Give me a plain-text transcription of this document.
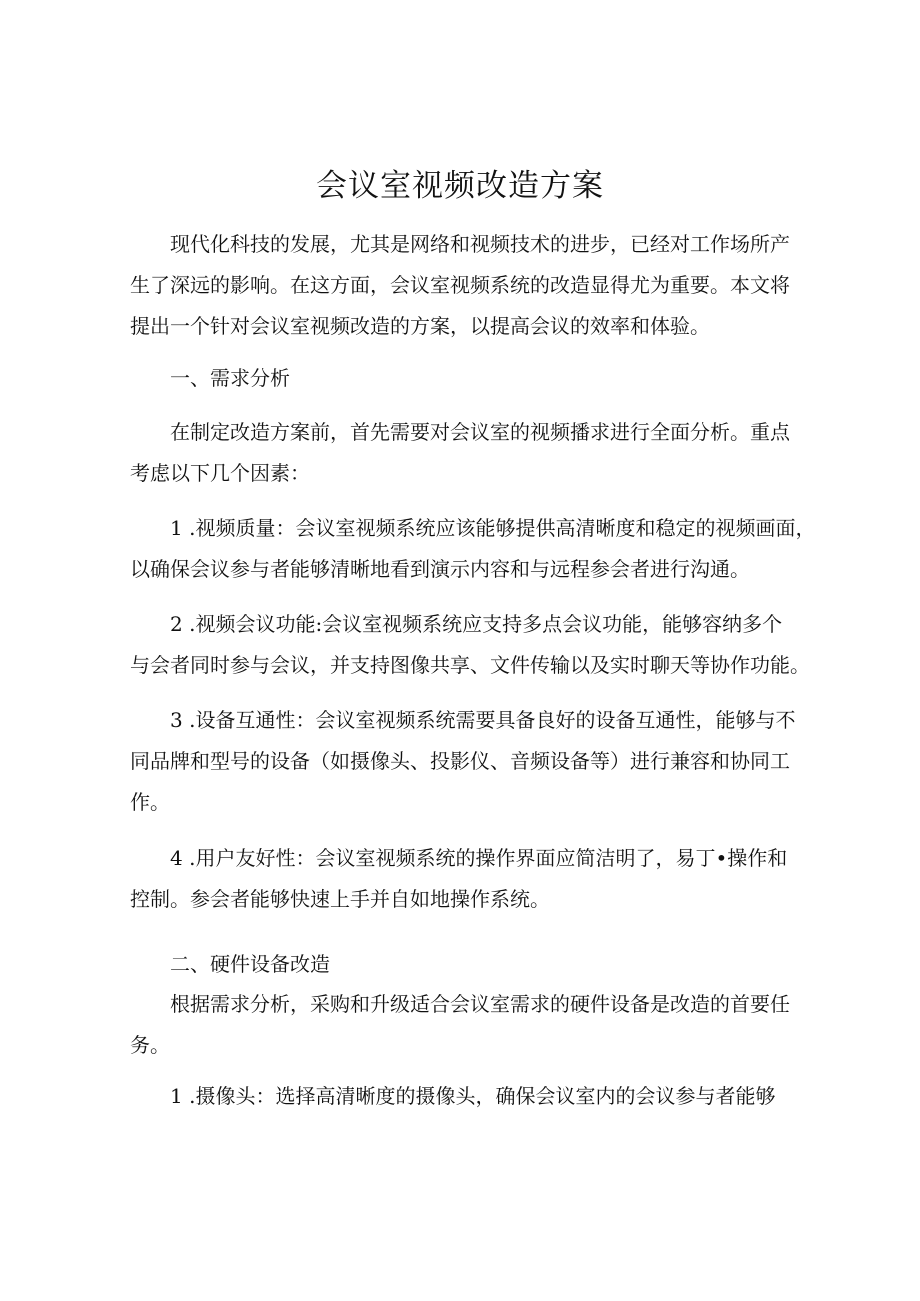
会议室视频改造方案
现代化科技的发展，尤其是网络和视频技术的进步，已经对工作场所产
生了深远的影响。在这方面，会议室视频系统的改造显得尤为重要。本文将
提出一个针对会议室视频改造的方案，以提高会议的效率和体验。
一、需求分析
在制定改造方案前，首先需要对会议室的视频播求进行全面分析。重点
考虑以下几个因素：
1 .视频质量：会议室视频系统应该能够提供高清晰度和稳定的视频画面，
以确保会议参与者能够清晰地看到演示内容和与远程参会者进行沟通。
2 .视频会议功能:会议室视频系统应支持多点会议功能，能够容纳多个
与会者同时参与会议，并支持图像共享、文件传输以及实时聊天等协作功能。
3 .设备互通性：会议室视频系统需要具备良好的设备互通性，能够与不
同品牌和型号的设备（如摄像头、投影仪、音频设备等）进行兼容和协同工
作。
4 .用户友好性：会议室视频系统的操作界面应简洁明了，易丁•操作和
控制。参会者能够快速上手并自如地操作系统。
二、硬件设备改造
根据需求分析，采购和升级适合会议室需求的硬件设备是改造的首要任
务。
1 .摄像头：选择高清晰度的摄像头，确保会议室内的会议参与者能够
